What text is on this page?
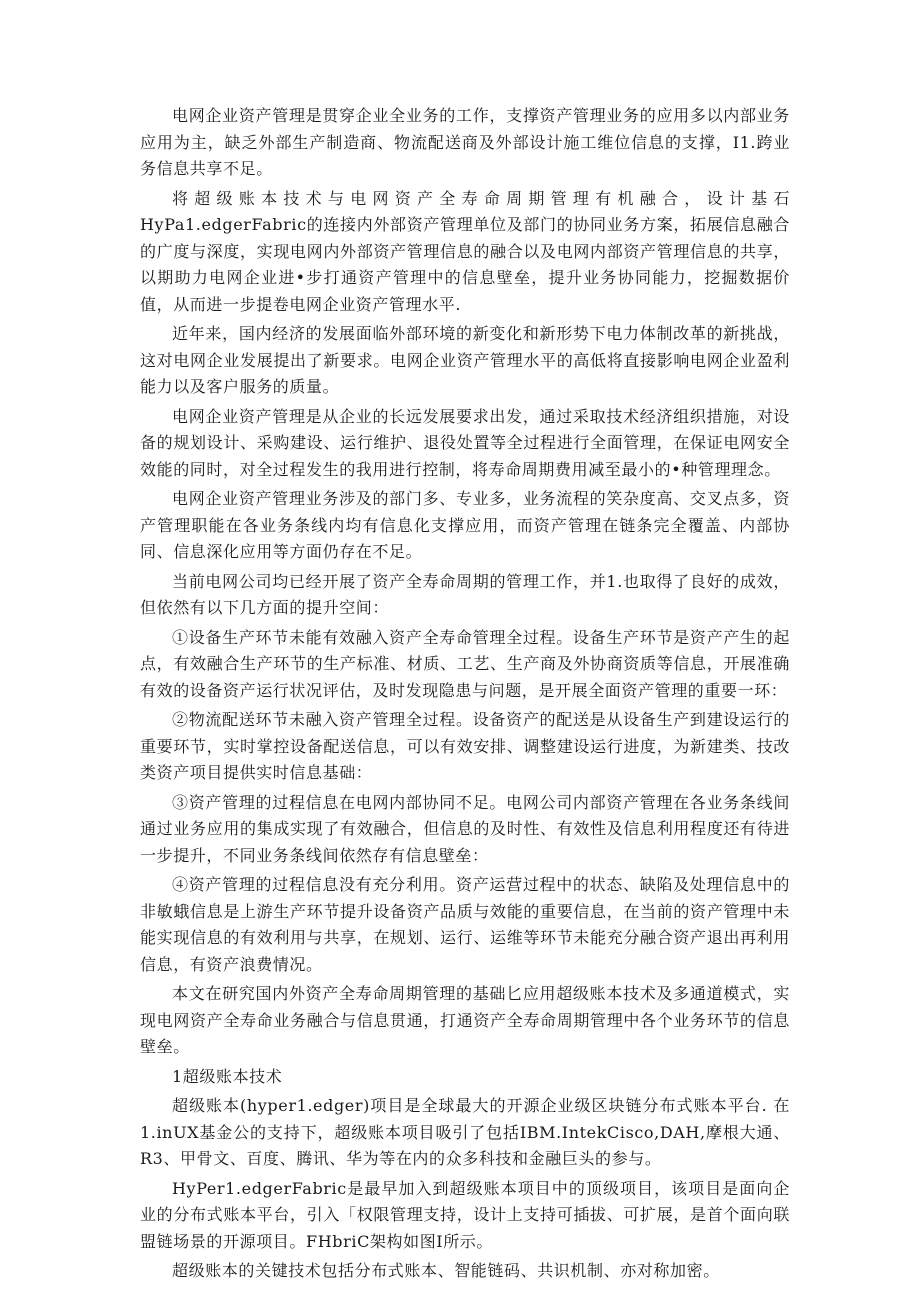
电网企业资产管理是贯穿企业全业务的工作，支撑资产管理业务的应用多以内部业务应用为主，缺乏外部生产制造商、物流配送商及外部设计施工维位信息的支撑，I1.跨业务信息共享不足。

将超级账本技术与电网资产全寿命周期管理有机融合，设计基石HyPa1.edgerFabric的连接内外部资产管理单位及部门的协同业务方案，拓展信息融合的广度与深度，实现电网内外部资产管理信息的融合以及电网内部资产管理信息的共享，以期助力电网企业进•步打通资产管理中的信息壁垒，提升业务协同能力，挖掘数据价值，从而进一步提卷电网企业资产管理水平.

近年来，国内经济的发展面临外部环境的新变化和新形势下电力体制改革的新挑战，这对电网企业发展提出了新要求。电网企业资产管理水平的高低将直接影响电网企业盈利能力以及客户服务的质量。

电网企业资产管理是从企业的长远发展要求出发，通过采取技术经济组织措施，对设备的规划设计、采购建设、运行维护、退役处置等全过程进行全面管理，在保证电网安全效能的同时，对全过程发生的我用进行控制，将寿命周期费用减至最小的•种管理理念。

电网企业资产管理业务涉及的部门多、专业多，业务流程的笑杂度高、交叉点多，资产管理职能在各业务条线内均有信息化支撑应用，而资产管理在链条完全覆盖、内部协同、信息深化应用等方面仍存在不足。

当前电网公司均已经开展了资产全寿命周期的管理工作，并1.也取得了良好的成效，但依然有以下几方面的提升空间：

①设备生产环节未能有效融入资产全寿命管理全过程。设备生产环节是资产产生的起点，有效融合生产环节的生产标准、材质、工艺、生产商及外协商资质等信息，开展准确有效的设备资产运行状况评估，及时发现隐患与问题，是开展全面资产管理的重要一环：

②物流配送环节未融入资产管理全过程。设备资产的配送是从设备生产到建设运行的重要环节，实时掌控设备配送信息，可以有效安排、调整建设运行进度，为新建类、技改类资产项目提供实时信息基础：

③资产管理的过程信息在电网内部协同不足。电网公司内部资产管理在各业务条线间通过业务应用的集成实现了有效融合，但信息的及时性、有效性及信息利用程度还有待进一步提升，不同业务条线间依然存有信息壁垒：

④资产管理的过程信息没有充分利用。资产运营过程中的状态、缺陷及处理信息中的非敏蛾信息是上游生产环节提升设备资产品质与效能的重要信息，在当前的资产管理中未能实现信息的有效利用与共享，在规划、运行、运维等环节未能充分融合资产退出再利用信息，有资产浪费情况。

本文在研究国内外资产全寿命周期管理的基础匕应用超级账本技术及多通道模式，实现电网资产全寿命业务融合与信息贯通，打通资产全寿命周期管理中各个业务环节的信息壁垒。

1超级账本技术

超级账本(hyper1.edger)项目是全球最大的开源企业级区块链分布式账本平台. 在1.inUX基金公的支持下，超级账本项目吸引了包括IBM.IntekCisco,DAH,摩根大通、R3、甲骨文、百度、腾讯、华为等在内的众多科技和金融巨头的参与。

HyPer1.edgerFabric是最早加入到超级账本项目中的顶级项目，该项目是面向企业的分布式账本平台，引入「权限管理支持，设计上支持可插拔、可扩展，是首个面向联盟链场景的开源项目。FHbriC架构如图I所示。

超级账本的关键技术包括分布式账本、智能链码、共识机制、亦对称加密。
